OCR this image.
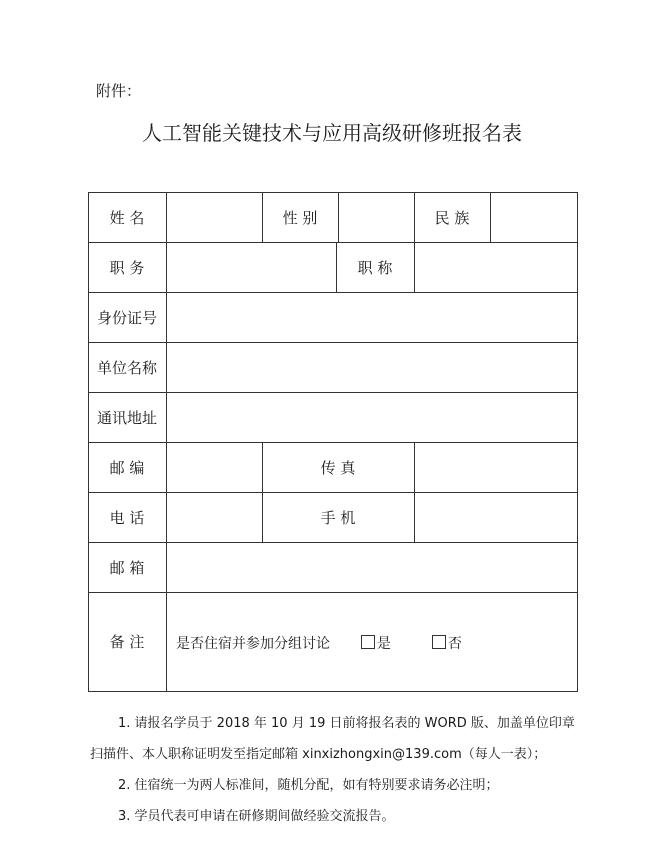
附件：
人工智能关键技术与应用高级研修班报名表
姓 名	性 别	民 族
职 务	职 称
身份证号
单位名称
通讯地址
邮 编	传 真
电 话	手 机
邮 箱
备 注	是否住宿并参加分组讨论	是	否
1. 请报名学员于 2018 年 10 月 19 日前将报名表的 WORD 版、加盖单位印章
扫描件、本人职称证明发至指定邮箱 xinxizhongxin@139.com（每人一表）；
2. 住宿统一为两人标准间，随机分配，如有特别要求请务必注明；
3. 学员代表可申请在研修期间做经验交流报告。
